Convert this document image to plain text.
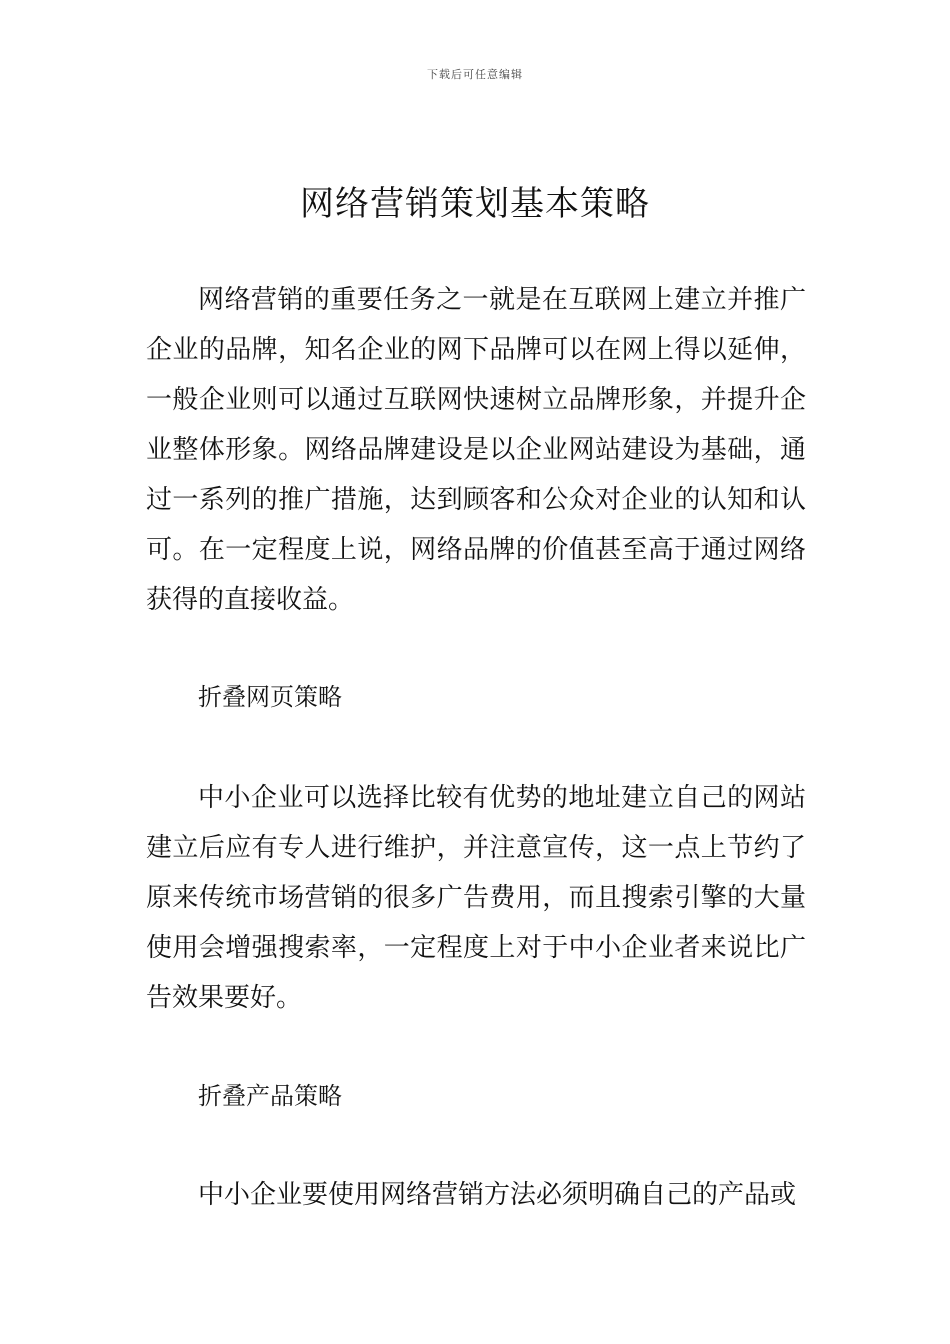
下载后可任意编辑
网络营销策划基本策略

网络营销的重要任务之一就是在互联网上建立并推广企业的品牌，知名企业的网下品牌可以在网上得以延伸，一般企业则可以通过互联网快速树立品牌形象，并提升企业整体形象。网络品牌建设是以企业网站建设为基础，通过一系列的推广措施，达到顾客和公众对企业的认知和认可。在一定程度上说，网络品牌的价值甚至高于通过网络获得的直接收益。

折叠网页策略

中小企业可以选择比较有优势的地址建立自己的网站建立后应有专人进行维护，并注意宣传，这一点上节约了原来传统市场营销的很多广告费用，而且搜索引擎的大量使用会增强搜索率，一定程度上对于中小企业者来说比广告效果要好。

折叠产品策略

中小企业要使用网络营销方法必须明确自己的产品或
